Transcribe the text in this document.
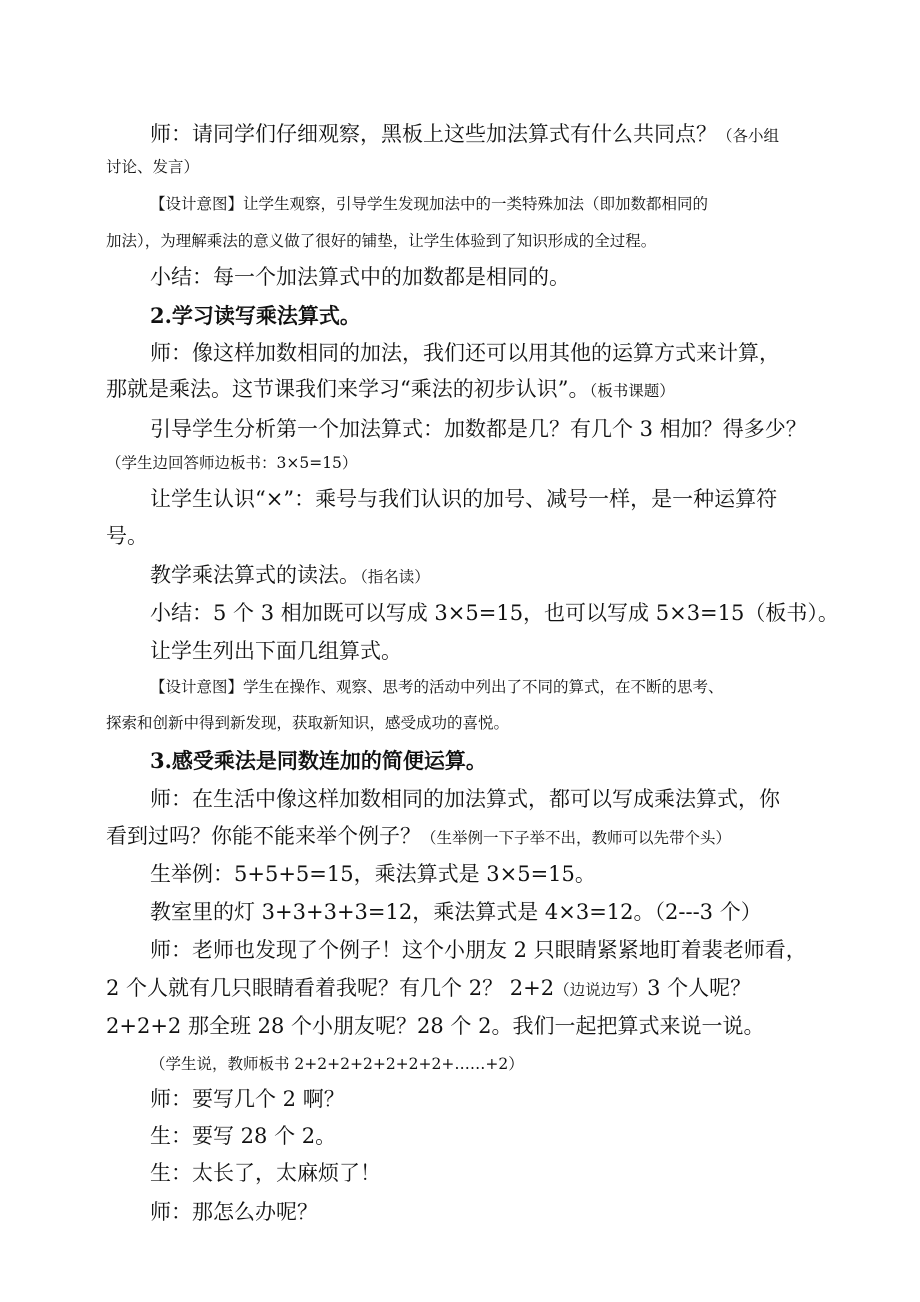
师：请同学们仔细观察，黑板上这些加法算式有什么共同点？（各小组

讨论、发言）

【设计意图】让学生观察，引导学生发现加法中的一类特殊加法（即加数都相同的

加法），为理解乘法的意义做了很好的铺垫，让学生体验到了知识形成的全过程。

小结：每一个加法算式中的加数都是相同的。

2.学习读写乘法算式。

师：像这样加数相同的加法，我们还可以用其他的运算方式来计算，

那就是乘法。这节课我们来学习“乘法的初步认识”。（板书课题）

引导学生分析第一个加法算式：加数都是几？有几个 3 相加？得多少？

（学生边回答师边板书：3×5=15）

让学生认识“×”：乘号与我们认识的加号、减号一样，是一种运算符

号。

教学乘法算式的读法。（指名读）

小结：5 个 3 相加既可以写成 3×5=15，也可以写成 5×3=15（板书）。

让学生列出下面几组算式。

【设计意图】学生在操作、观察、思考的活动中列出了不同的算式，在不断的思考、

探索和创新中得到新发现，获取新知识，感受成功的喜悦。

3.感受乘法是同数连加的简便运算。

师：在生活中像这样加数相同的加法算式，都可以写成乘法算式，你

看到过吗？你能不能来举个例子？（生举例一下子举不出，教师可以先带个头）

生举例：5+5+5=15，乘法算式是 3×5=15。

教室里的灯 3+3+3+3=12，乘法算式是 4×3=12。（2---3 个）

师：老师也发现了个例子！这个小朋友 2 只眼睛紧紧地盯着裴老师看，

2 个人就有几只眼睛看着我呢？有几个 2？ 2+2（边说边写）3 个人呢？

2+2+2 那全班 28 个小朋友呢？28 个 2。我们一起把算式来说一说。

（学生说，教师板书 2+2+2+2+2+2+2+……+2）

师：要写几个 2 啊？

生：要写 28 个 2。

生：太长了，太麻烦了！

师：那怎么办呢？
